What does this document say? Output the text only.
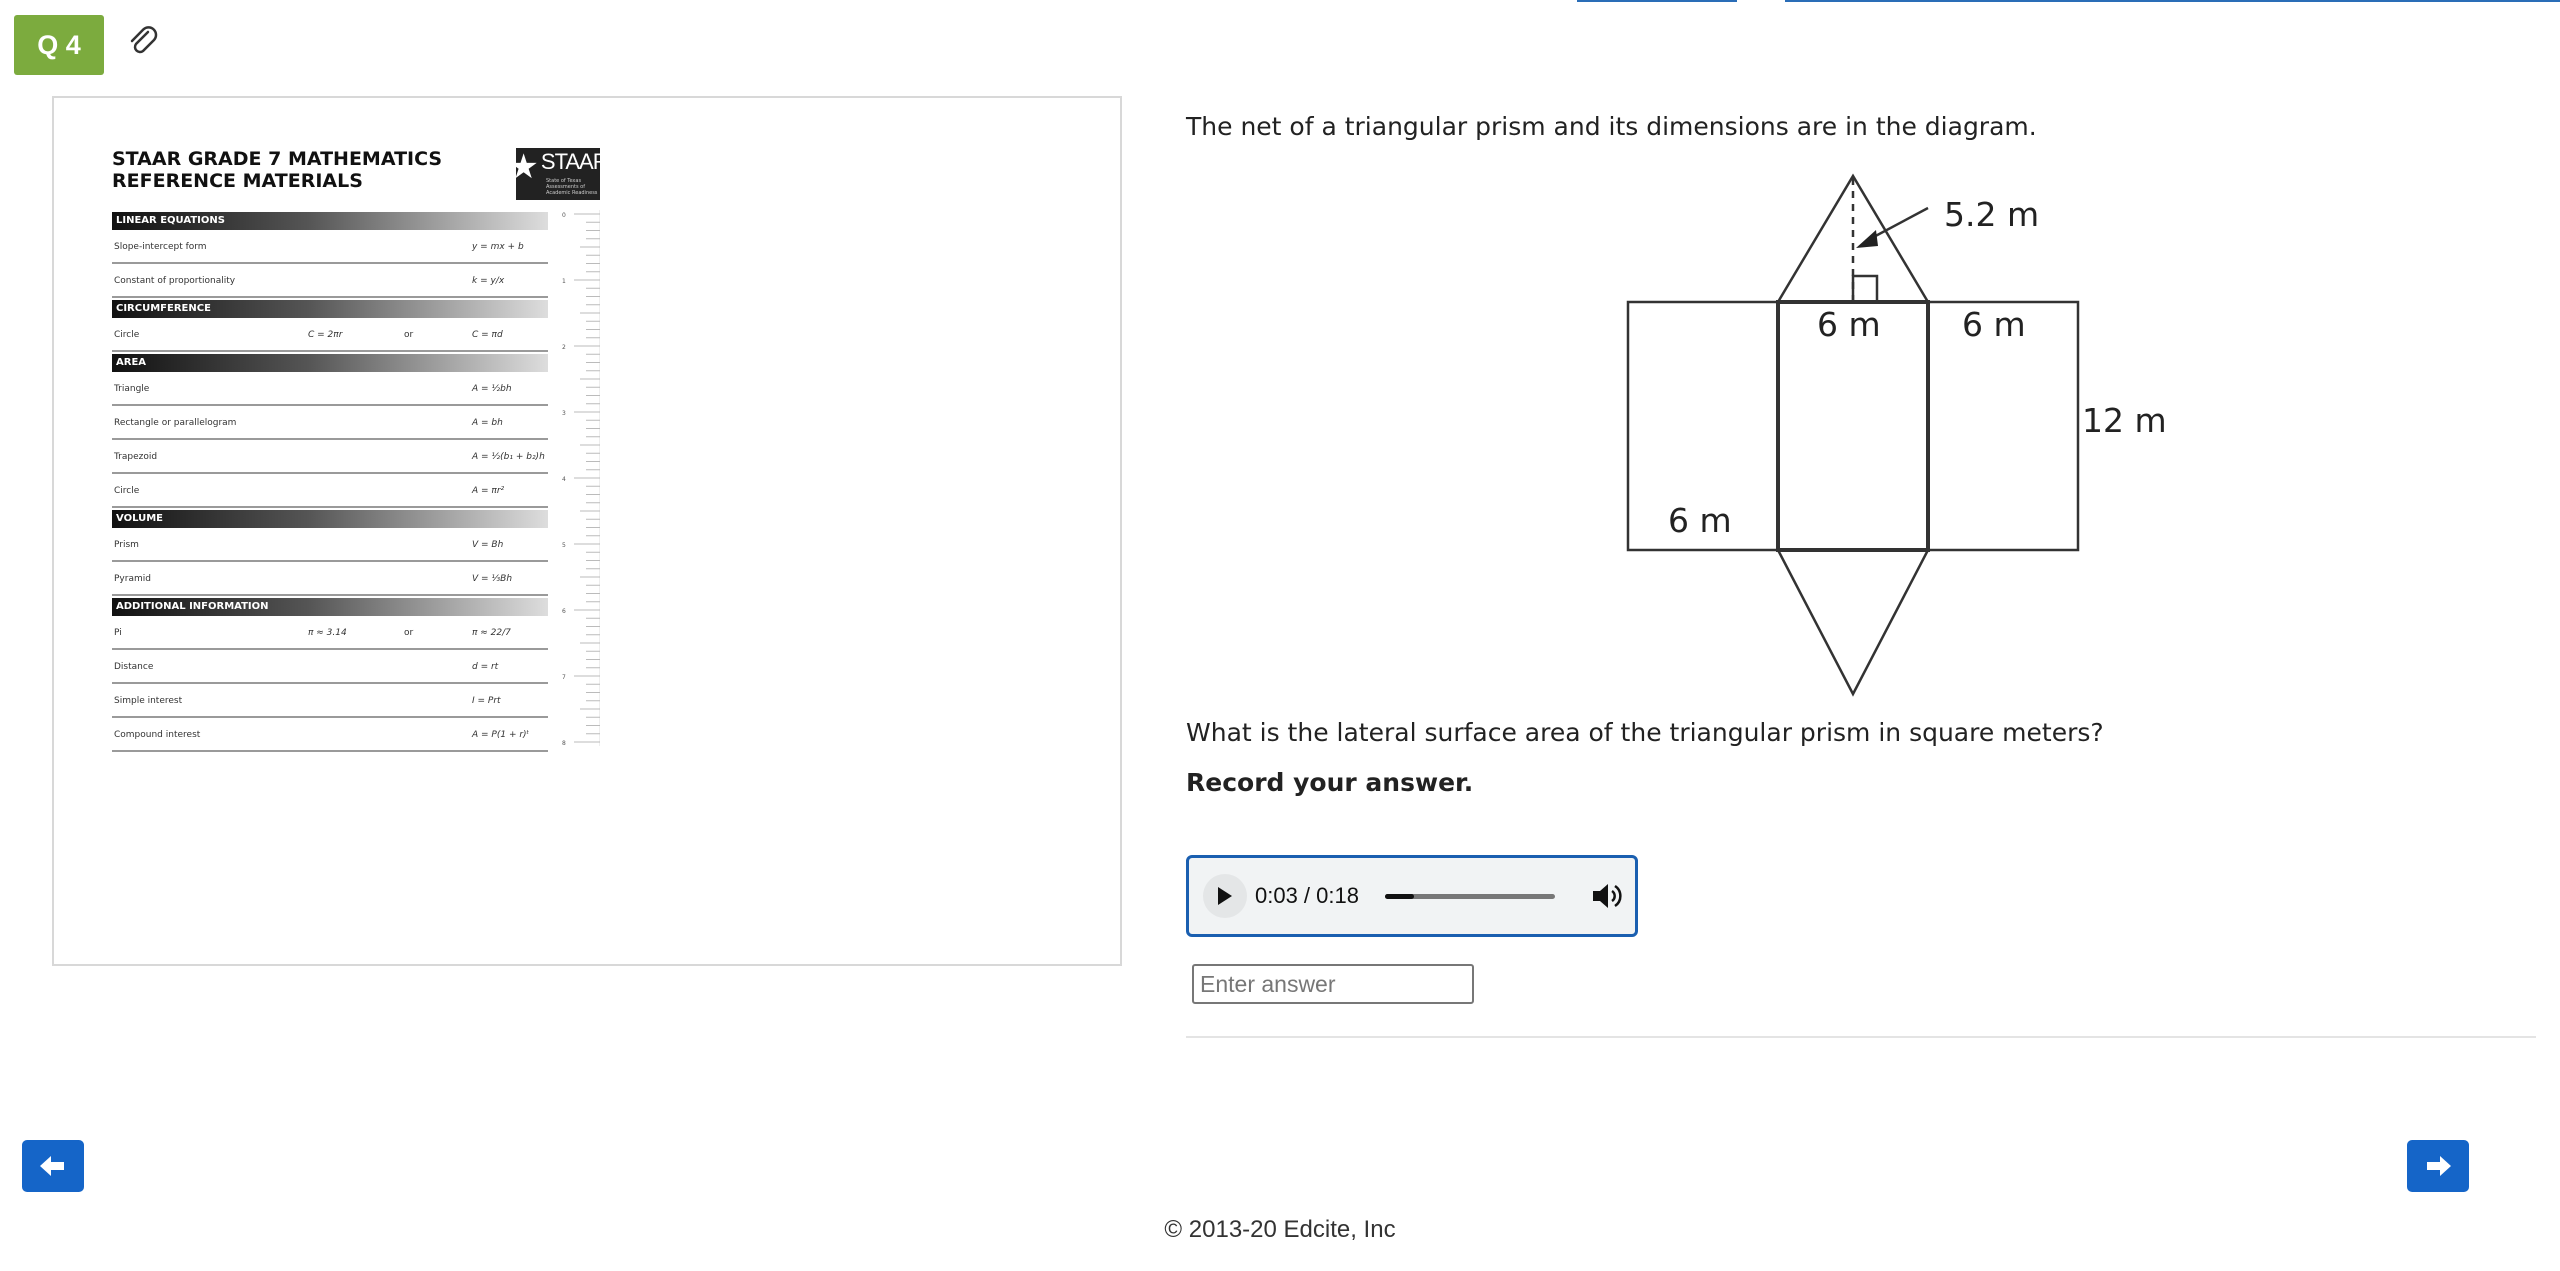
Q 4
STAAR GRADE 7 MATHEMATICS
REFERENCE MATERIALS	★ STAAR
State of Texas Assessments of Academic Readiness
LINEAR EQUATIONS
Slope-intercept form	y = mx + b
Constant of proportionality	k = y/x
CIRCUMFERENCE
Circle	C = 2πr	or	C = πd
AREA
Triangle	A = ½bh
Rectangle or parallelogram	A = bh
Trapezoid	A = ½(b₁ + b₂)h
Circle	A = πr²
VOLUME
Prism	V = Bh
Pyramid	V = ⅓Bh
ADDITIONAL INFORMATION
Pi	π ≈ 3.14	or	π ≈ 22/7
Distance	d = rt
Simple interest	I = Prt
Compound interest	A = P(1 + r)ᵗ
0
1
2
3
4
5
6
7
8
The net of a triangular prism and its dimensions are in the diagram.
5.2 m
6 m 6 m
12 m
6 m
What is the lateral surface area of the triangular prism in square meters?
Record your answer.
0:03 / 0:18
Enter answer
© 2013-20 Edcite, Inc
